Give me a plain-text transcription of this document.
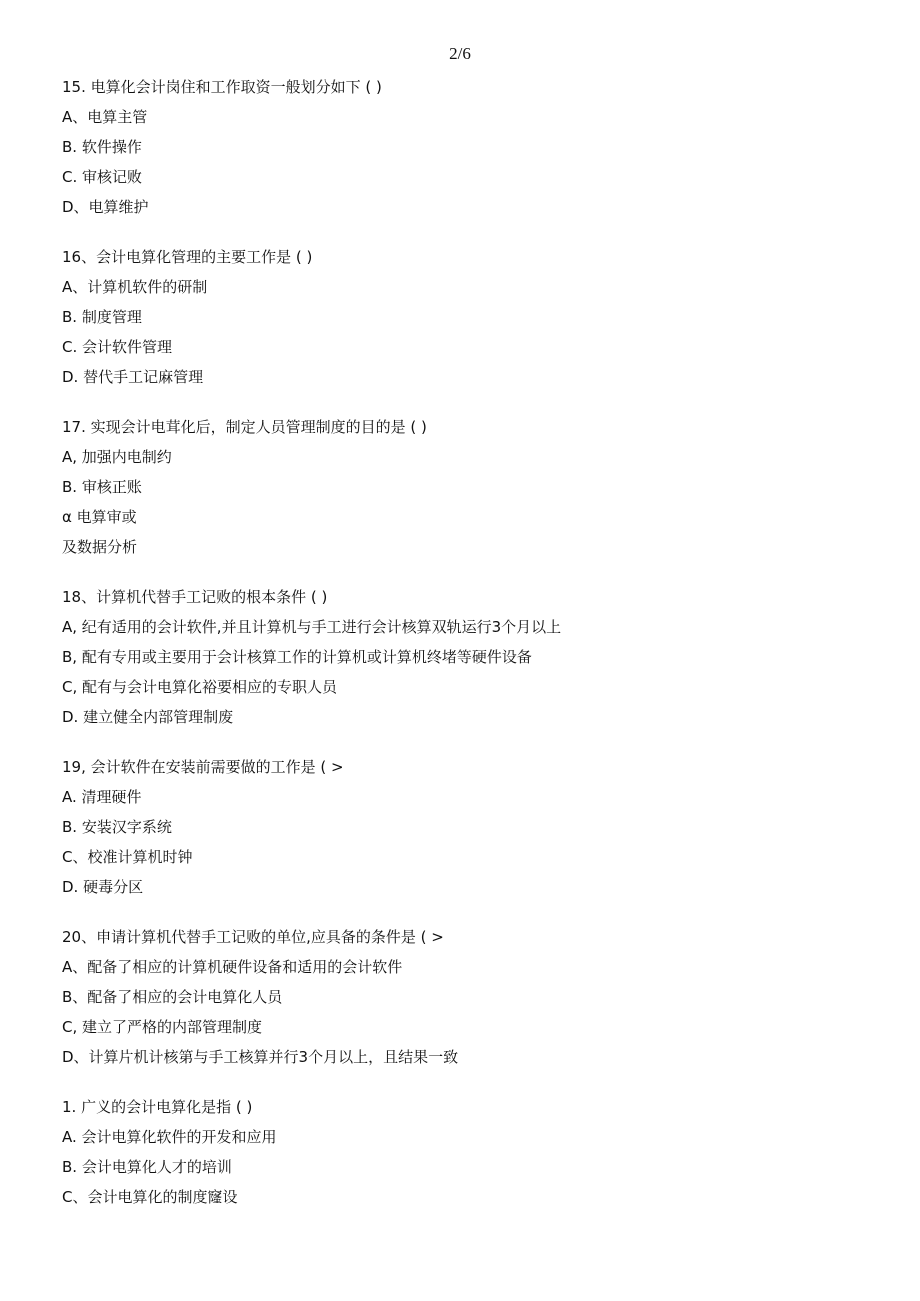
2/6
15. 电算化会计岗住和工作取资一般划分如下 ( )
A、电算主管
B. 软件操作
C. 审核记败
D、电算维护
16、会计电算化管理的主要工作是 ( )
A、计算机软件的研制
B. 制度管理
C. 会计软件管理
D. 替代手工记麻管理
17. 实现会计电茸化后，制定人员管理制度的目的是 ( )
A, 加强内电制约
B. 审核正账
α 电算审或
及数据分析
18、计算机代替手工记败的根本条件 ( )
A, 纪有适用的会计软件,并且计算机与手工进行会计核算双轨运行3个月以上
B, 配有专用或主要用于会计核算工作的计算机或计算机终堵等硬件设备
C, 配有与会计电算化裕要相应的专职人员
D. 建立健全内部管理制废
19, 会计软件在安装前需要做的工作是 ( >
A. 清理硬件
B. 安装汉字系统
C、校准计算机时钟
D. 硬毒分区
20、申请计算机代替手工记败的单位,应具备的条件是 ( >
A、配备了相应的计算机硬件设备和适用的会计软件
B、配备了相应的会计电算化人员
C, 建立了严格的内部管理制度
D、计算片机计核第与手工核算并行3个月以上，且结果一致
1. 广义的会计电算化是指 ( )
A. 会计电算化软件的开发和应用
B. 会计电算化人才的培训
C、会计电算化的制度窿设
